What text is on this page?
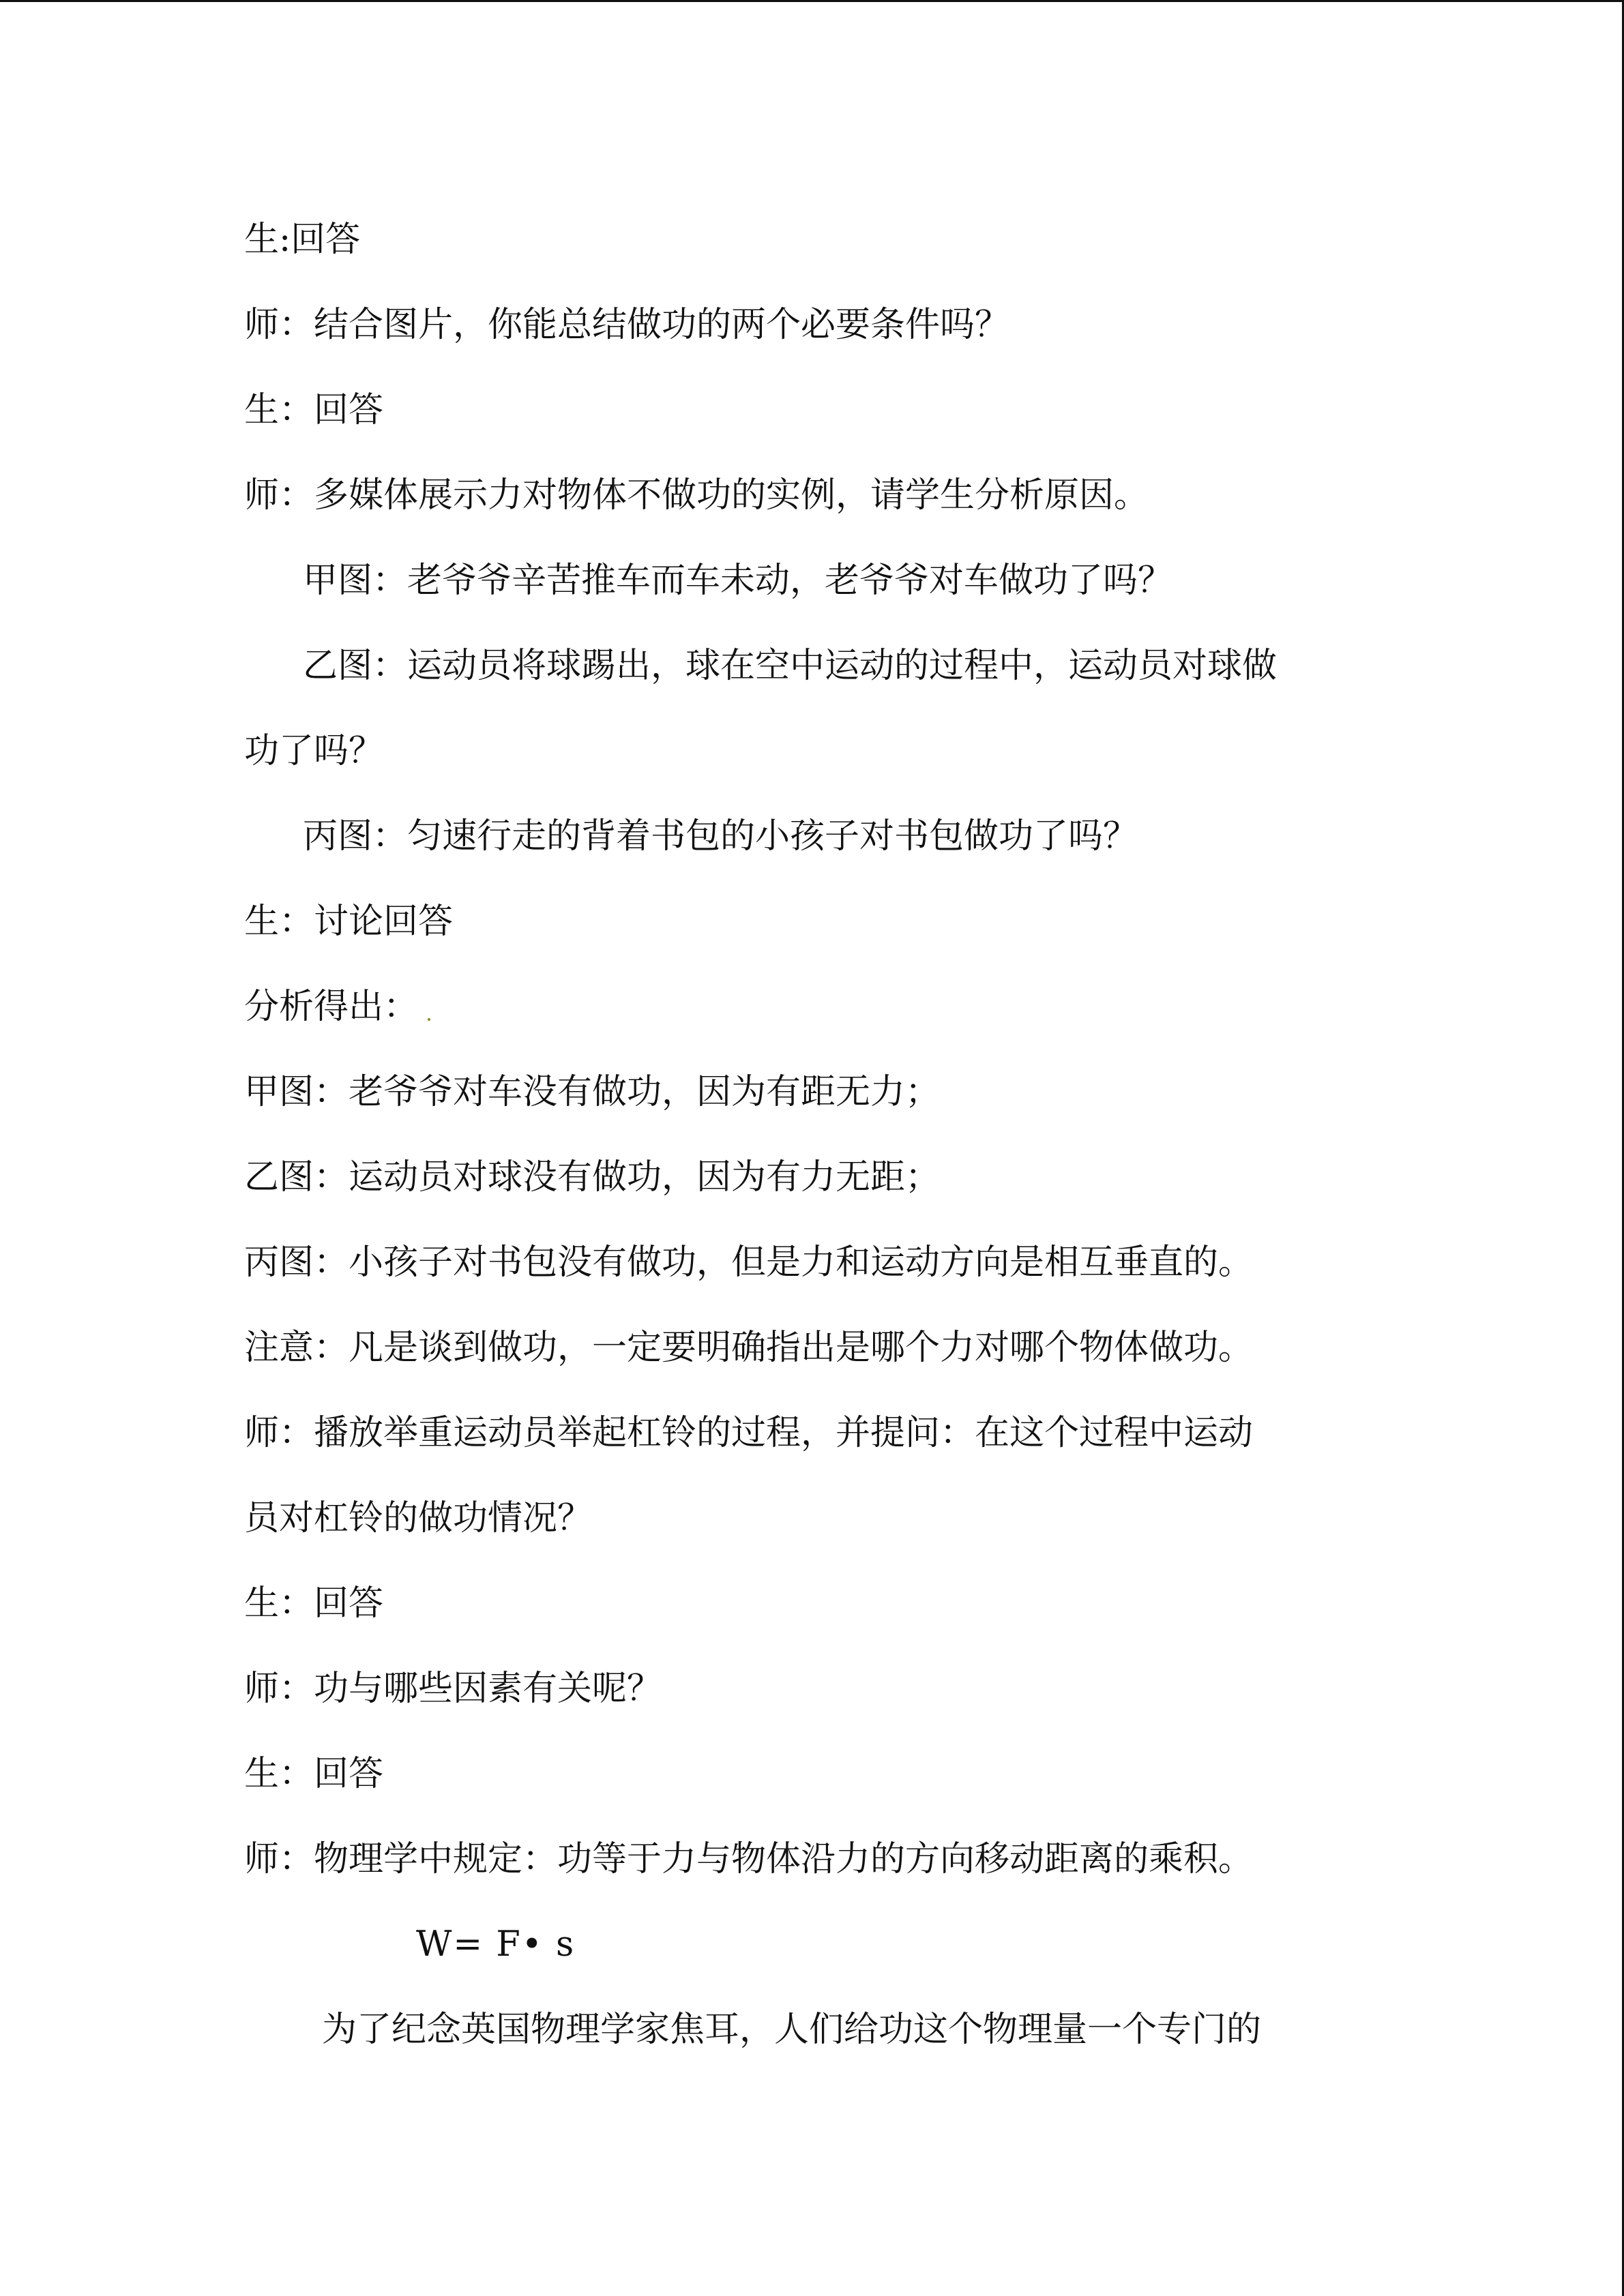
生:回答
师：结合图片，你能总结做功的两个必要条件吗？
生：回答
师：多媒体展示力对物体不做功的实例，请学生分析原因。
甲图：老爷爷辛苦推车而车未动，老爷爷对车做功了吗？
乙图：运动员将球踢出，球在空中运动的过程中，运动员对球做
功了吗？
丙图：匀速行走的背着书包的小孩子对书包做功了吗？
生：讨论回答
分析得出：
甲图：老爷爷对车没有做功，因为有距无力；
乙图：运动员对球没有做功，因为有力无距；
丙图：小孩子对书包没有做功，但是力和运动方向是相互垂直的。
注意：凡是谈到做功，一定要明确指出是哪个力对哪个物体做功。
师：播放举重运动员举起杠铃的过程，并提问：在这个过程中运动
员对杠铃的做功情况？
生：回答
师：功与哪些因素有关呢？
生：回答
师：物理学中规定：功等于力与物体沿力的方向移动距离的乘积。
W= F• s
为了纪念英国物理学家焦耳，人们给功这个物理量一个专门的
